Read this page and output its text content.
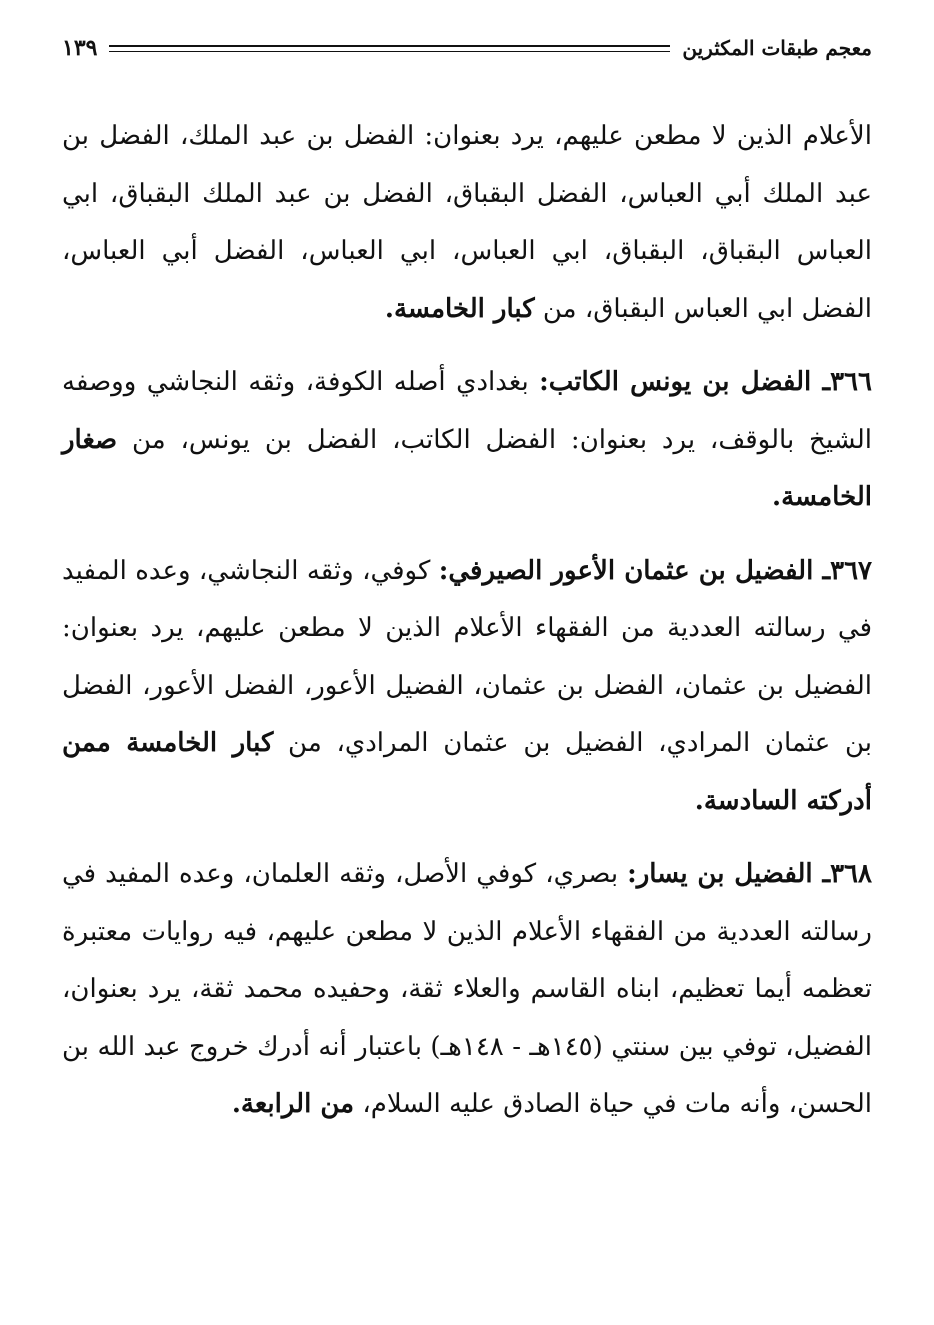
معجم طبقات المكثرين
١٣٩

الأعلام الذين لا مطعن عليهم، يرد بعنوان: الفضل بن عبد الملك، الفضل بن عبد الملك أبي العباس، الفضل البقباق، الفضل بن عبد الملك البقباق، ابي العباس البقباق، البقباق، ابي العباس، ابي العباس، الفضل أبي العباس، الفضل ابي العباس البقباق، من كبار الخامسة.

٣٦٦ـ الفضل بن يونس الكاتب: بغدادي أصله الكوفة، وثقه النجاشي ووصفه الشيخ بالوقف، يرد بعنوان: الفضل الكاتب، الفضل بن يونس، من صغار الخامسة.

٣٦٧ـ الفضيل بن عثمان الأعور الصيرفي: كوفي، وثقه النجاشي، وعده المفيد في رسالته العددية من الفقهاء الأعلام الذين لا مطعن عليهم، يرد بعنوان: الفضيل بن عثمان، الفضل بن عثمان، الفضيل الأعور، الفضل الأعور، الفضل بن عثمان المرادي، الفضيل بن عثمان المرادي، من كبار الخامسة ممن أدركته السادسة.

٣٦٨ـ الفضيل بن يسار: بصري، كوفي الأصل، وثقه العلمان، وعده المفيد في رسالته العددية من الفقهاء الأعلام الذين لا مطعن عليهم، فيه روايات معتبرة تعظمه أيما تعظيم، ابناه القاسم والعلاء ثقة، وحفيده محمد ثقة، يرد بعنوان، الفضيل، توفي بين سنتي (١٤٥هـ - ١٤٨هـ) باعتبار أنه أدرك خروج عبد الله بن الحسن، وأنه مات في حياة الصادق عليه السلام، من الرابعة.
